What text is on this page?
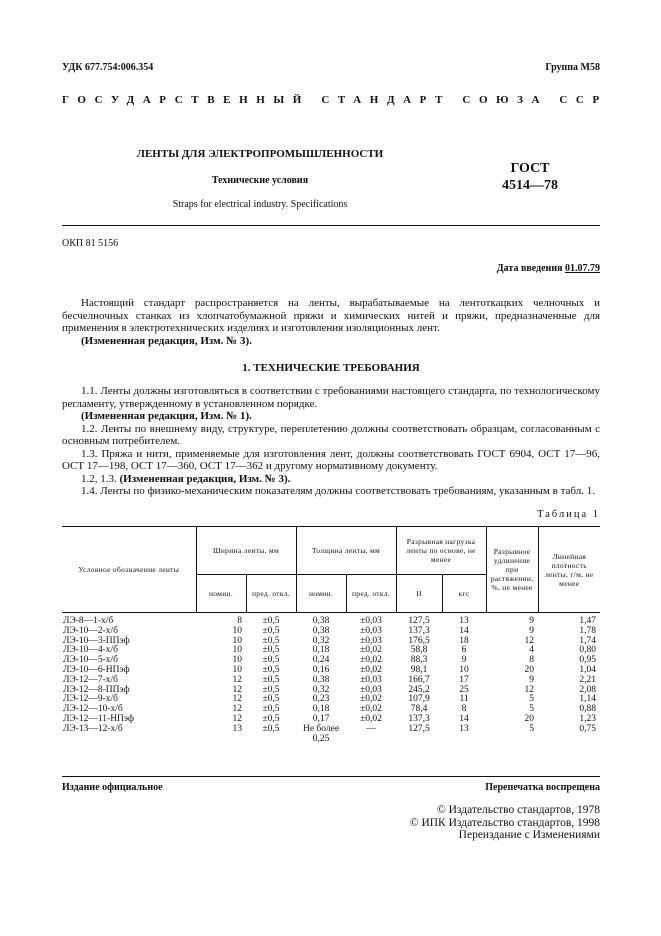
УДК 677.754:006.354	Группа М58
ГОСУДАРСТВЕННЫЙ СТАНДАРТ СОЮЗА ССР
ЛЕНТЫ ДЛЯ ЭЛЕКТРОПРОМЫШЛЕННОСТИ
Технические условия
Straps for electrical industry. Specifications
ГОСТ
4514—78
ОКП 81 5156
Дата введения 01.07.79

Настоящий стандарт распространяется на ленты, вырабатываемые на лентоткацких челночных и бесчелночных станках из хлопчатобумажной пряжи и химических нитей и пряжи, предназначенные для применения в электротехнических изделиях и изготовления изоляционных лент.

(Измененная редакция, Изм. № 3).

1. ТЕХНИЧЕСКИЕ ТРЕБОВАНИЯ

1.1. Ленты должны изготовляться в соответствии с требованиями настоящего стандарта, по технологическому регламенту, утвержденному в установленном порядке.

(Измененная редакция, Изм. № 1).

1.2. Ленты по внешнему виду, структуре, переплетению должны соответствовать образцам, согласованным с основным потребителем.

1.3. Пряжа и нити, применяемые для изготовления лент, должны соответствовать ГОСТ 6904, ОСТ 17—96, ОСТ 17—198, ОСТ 17—360, ОСТ 17—362 и другому нормативному документу.

1.2, 1.3. (Измененная редакция, Изм. № 3).

1.4. Ленты по физико-механическим показателям должны соответствовать требованиям, указанным в табл. 1.

Таблица 1
Условное обозначение ленты	Ширина ленты, мм		Толщина ленты, мм		Разрывная нагрузка ленты по основе, не менее		Разрывное удлинение при растяжении, %, не менее	Линейная плотность ленты, г/м, не менее
	номин.	пред. откл.	номин.	пред. откл.	Н	кгс		
ЛЭ-8—1-х/б	8	±0,5	0,38	±0,03	127,5	13	9	1,47
ЛЭ-10—2-х/б	10	±0,5	0,38	±0,03	137,3	14	9	1,78
ЛЭ-10—3-ППэф	10	±0,5	0,32	±0,03	176,5	18	12	1,74
ЛЭ-10—4-х/б	10	±0,5	0,18	±0,02	58,8	6	4	0,80
ЛЭ-10—5-х/б	10	±0,5	0,24	±0,02	88,3	9	8	0,95
ЛЭ-10—6-НПэф	10	±0,5	0,16	±0,02	98,1	10	20	1,04
ЛЭ-12—7-х/б	12	±0,5	0,38	±0,03	166,7	17	9	2,21
ЛЭ-12—8-ППэф	12	±0,5	0,32	±0,03	245,2	25	12	2,08
ЛЭ-12—9-х/б	12	±0,5	0,23	±0,02	107,9	11	5	1,14
ЛЭ-12—10-х/б	12	±0,5	0,18	±0,02	78,4	8	5	0,88
ЛЭ-12—11-НПэф	12	±0,5	0,17	±0,02	137,3	14	20	1,23
ЛЭ-13—12-х/б	13	±0,5	Не более	—	127,5	13	5	0,75
			0,25					
Издание официальное	Перепечатка воспрещена
© Издательство стандартов, 1978
© ИПК Издательство стандартов, 1998
Переиздание с Изменениями
